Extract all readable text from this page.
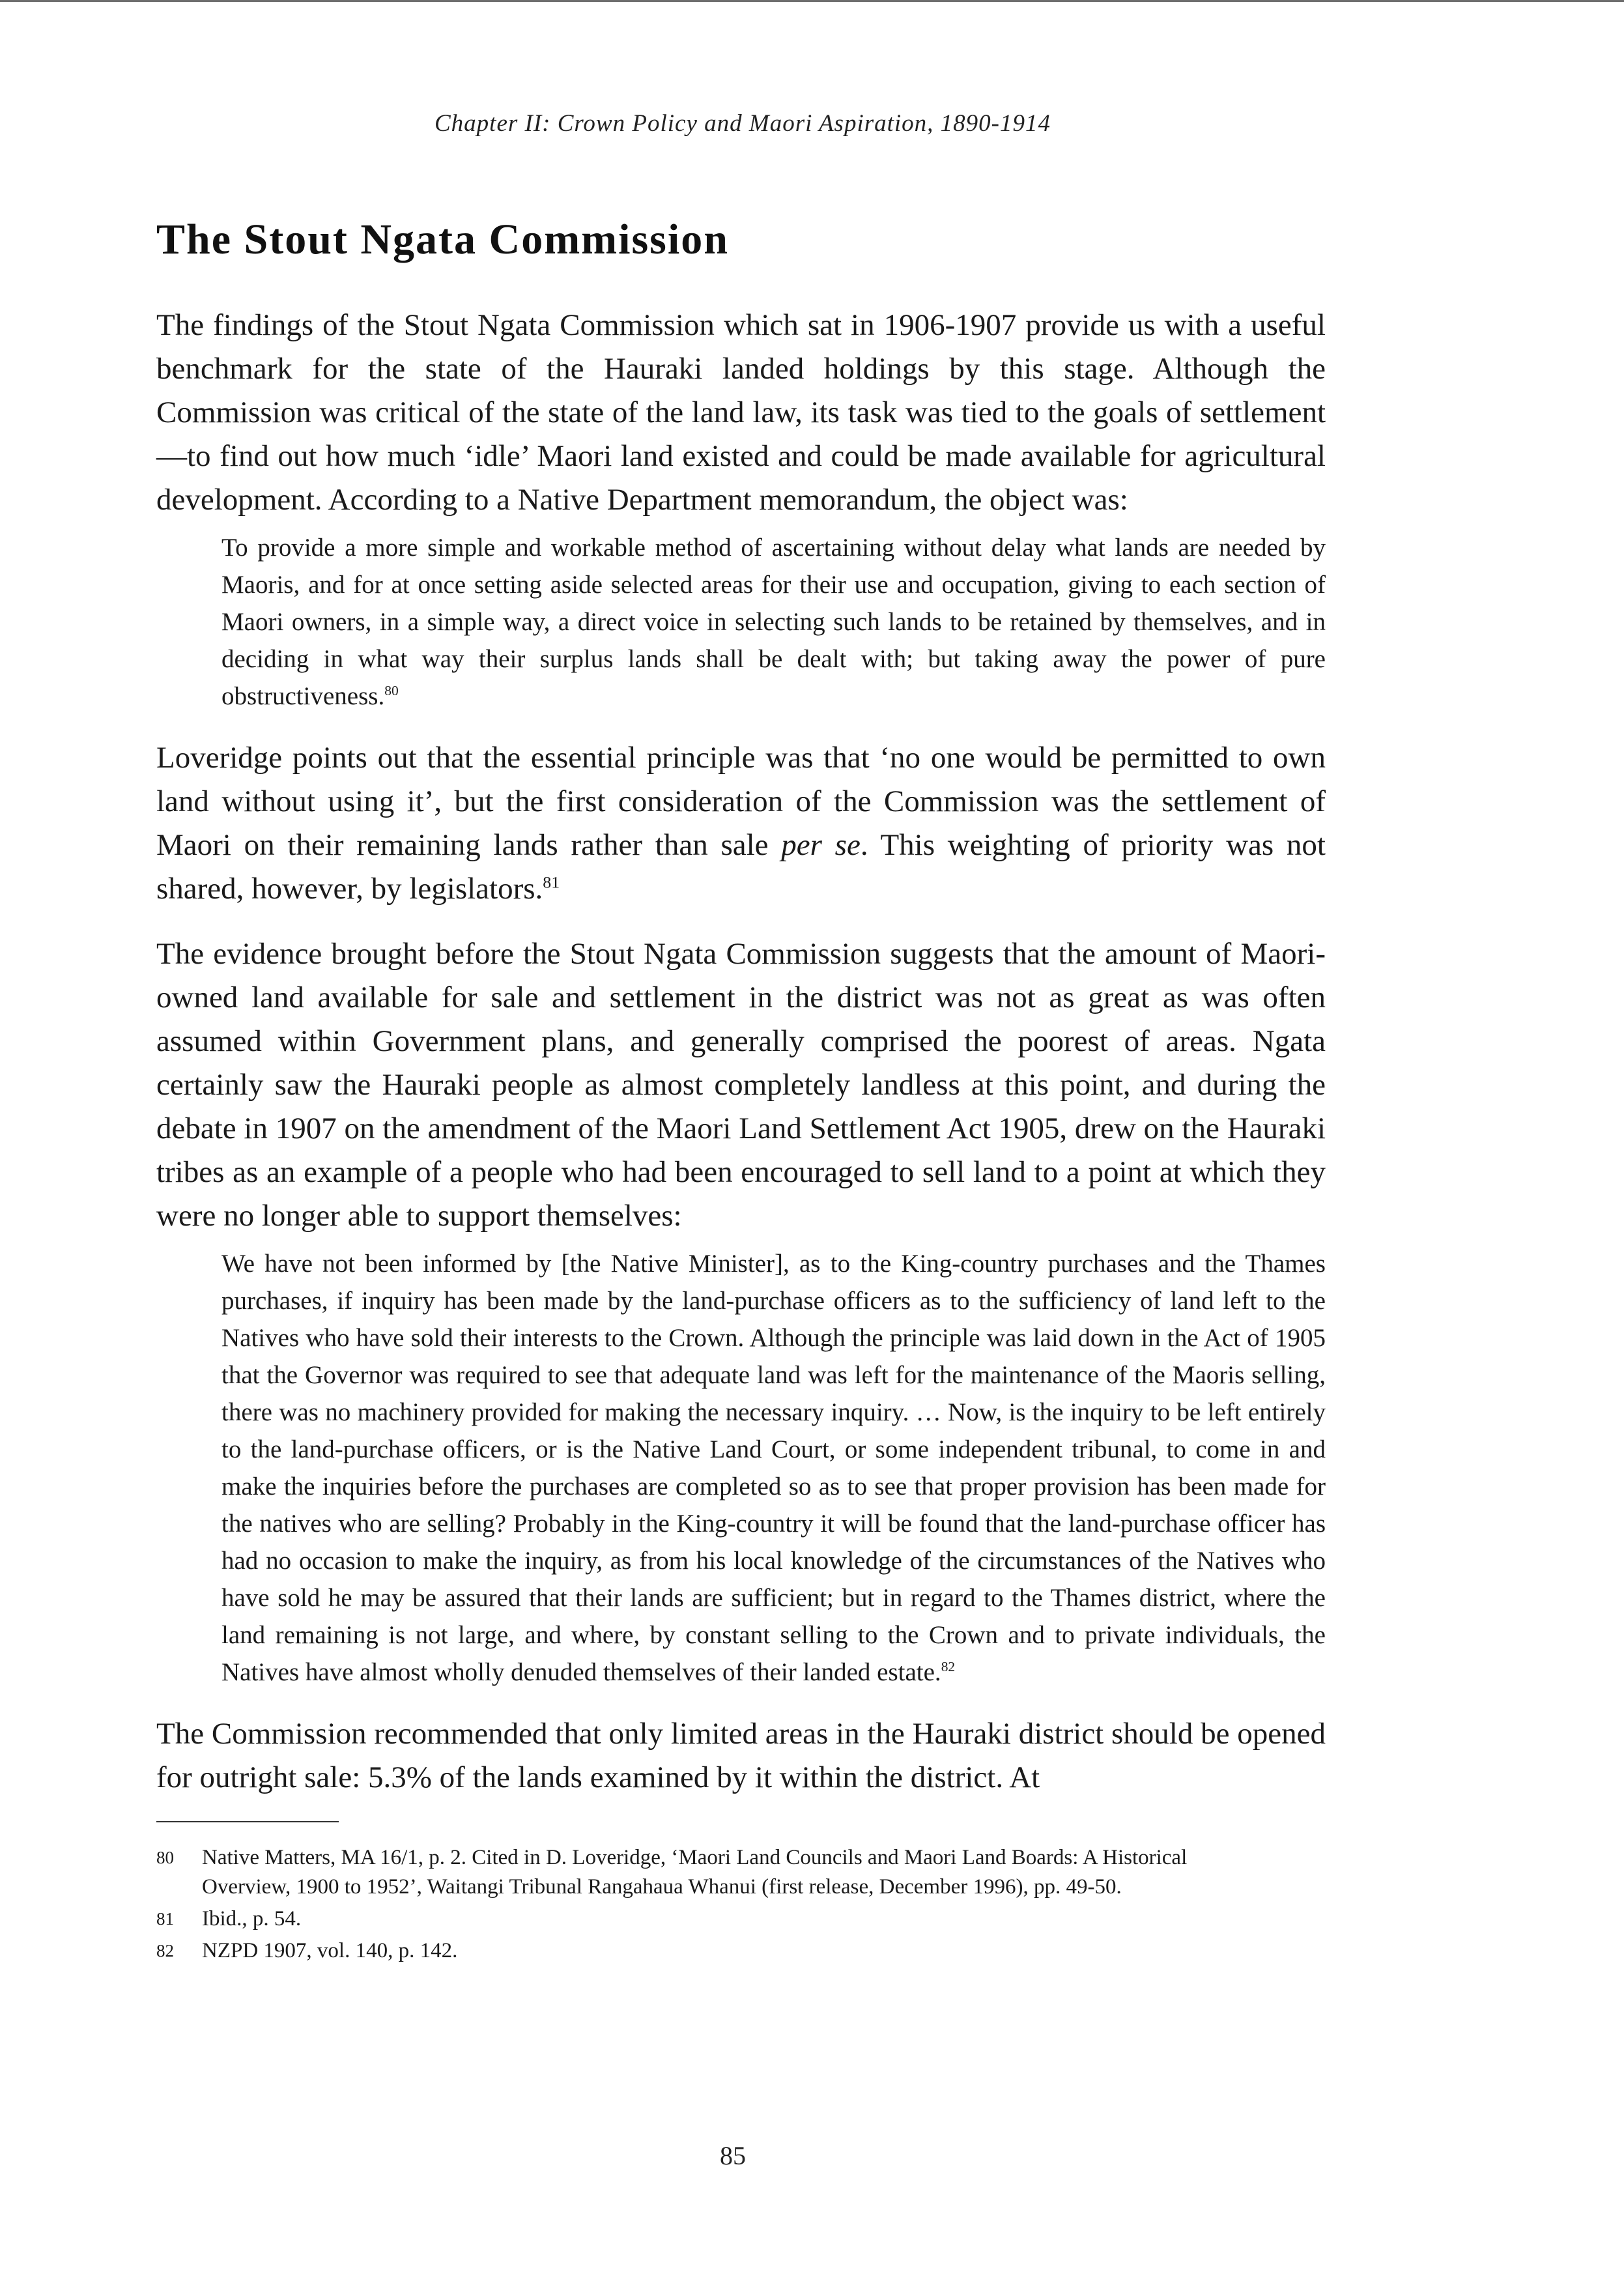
Chapter II: Crown Policy and Maori Aspiration, 1890-1914
The Stout Ngata Commission

The findings of the Stout Ngata Commission which sat in 1906-1907 provide us with a useful benchmark for the state of the Hauraki landed holdings by this stage. Although the Commission was critical of the state of the land law, its task was tied to the goals of settlement—to find out how much ‘idle’ Maori land existed and could be made available for agricultural development. According to a Native Department memorandum, the object was:

To provide a more simple and workable method of ascertaining without delay what lands are needed by Maoris, and for at once setting aside selected areas for their use and occupation, giving to each section of Maori owners, in a simple way, a direct voice in selecting such lands to be retained by themselves, and in deciding in what way their surplus lands shall be dealt with; but taking away the power of pure obstructiveness.$^{80}$

Loveridge points out that the essential principle was that ‘no one would be permitted to own land without using it’, but the first consideration of the Commission was the settlement of Maori on their remaining lands rather than sale per se. This weighting of priority was not shared, however, by legislators.$^{81}$

The evidence brought before the Stout Ngata Commission suggests that the amount of Maori-owned land available for sale and settlement in the district was not as great as was often assumed within Government plans, and generally comprised the poorest of areas. Ngata certainly saw the Hauraki people as almost completely landless at this point, and during the debate in 1907 on the amendment of the Maori Land Settlement Act 1905, drew on the Hauraki tribes as an example of a people who had been encouraged to sell land to a point at which they were no longer able to support themselves:

We have not been informed by [the Native Minister], as to the King-country purchases and the Thames purchases, if inquiry has been made by the land-purchase officers as to the sufficiency of land left to the Natives who have sold their interests to the Crown. Although the principle was laid down in the Act of 1905 that the Governor was required to see that adequate land was left for the maintenance of the Maoris selling, there was no machinery provided for making the necessary inquiry. … Now, is the inquiry to be left entirely to the land-purchase officers, or is the Native Land Court, or some independent tribunal, to come in and make the inquiries before the purchases are completed so as to see that proper provision has been made for the natives who are selling? Probably in the King-country it will be found that the land-purchase officer has had no occasion to make the inquiry, as from his local knowledge of the circumstances of the Natives who have sold he may be assured that their lands are sufficient; but in regard to the Thames district, where the land remaining is not large, and where, by constant selling to the Crown and to private individuals, the Natives have almost wholly denuded themselves of their landed estate.$^{82}$

The Commission recommended that only limited areas in the Hauraki district should be opened for outright sale: 5.3% of the lands examined by it within the district. At

80	Native Matters, MA 16/1, p. 2. Cited in D. Loveridge, ‘Maori Land Councils and Maori Land Boards: A Historical Overview, 1900 to 1952’, Waitangi Tribunal Rangahaua Whanui (first release, December 1996), pp. 49-50.
81	Ibid., p. 54.
82	NZPD 1907, vol. 140, p. 142.
85
